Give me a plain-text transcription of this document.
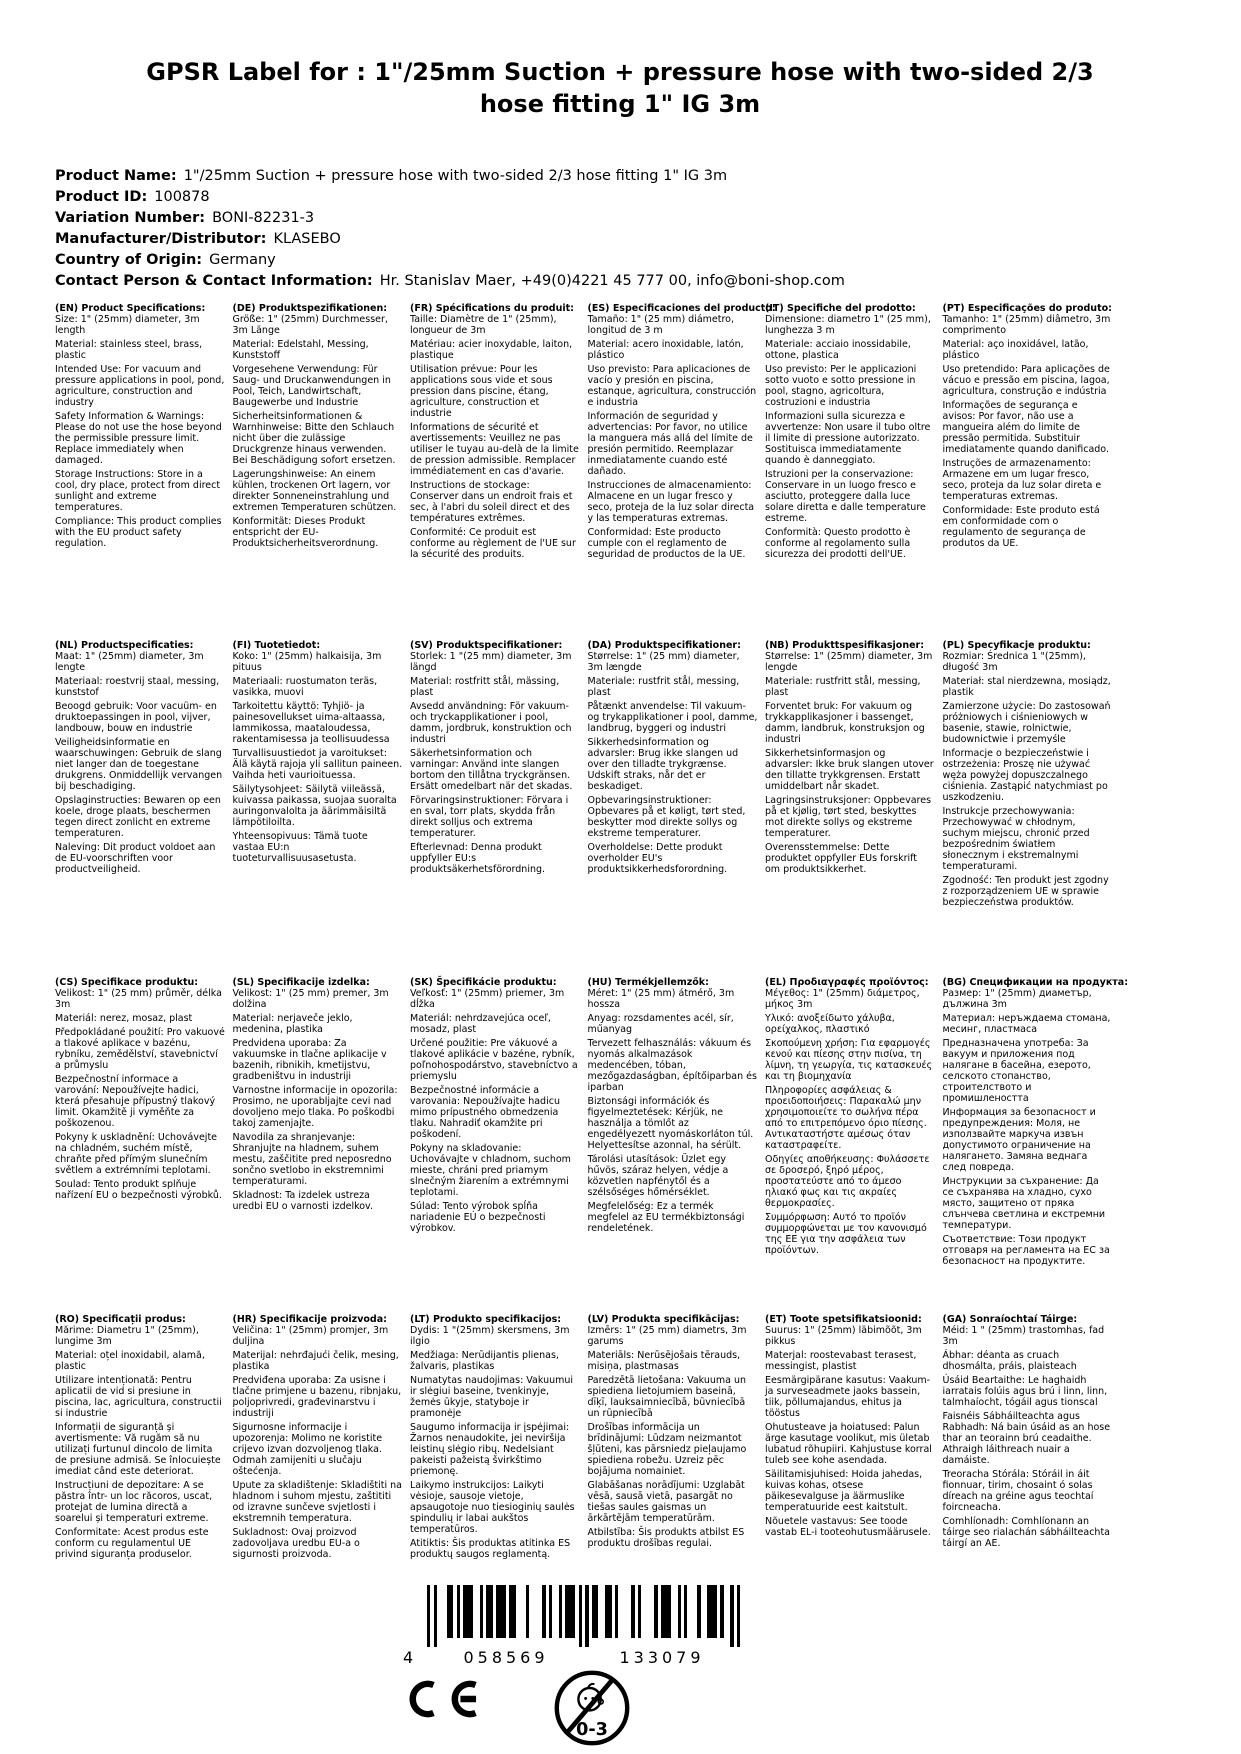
GPSR Label for : 1"/25mm Suction + pressure hose with two-sided 2/3 hose fitting 1" IG 3m
Product Name: 1"/25mm Suction + pressure hose with two-sided 2/3 hose fitting 1" IG 3m
Product ID: 100878
Variation Number: BONI-82231-3
Manufacturer/Distributor: KLASEBO
Country of Origin: Germany
Contact Person & Contact Information: Hr. Stanislav Maer, +49(0)4221 45 777 00, info@boni-shop.com
(EN) Product Specifications:
Size: 1" (25mm) diameter, 3m length
Material: stainless steel, brass, plastic
Intended Use: For vacuum and pressure applications in pool, pond, agriculture, construction and industry
Safety Information & Warnings: Please do not use the hose beyond the permissible pressure limit. Replace immediately when damaged.
Storage Instructions: Store in a cool, dry place, protect from direct sunlight and extreme temperatures.
Compliance: This product complies with the EU product safety regulation.
(DE) Produktspezifikationen:
Größe: 1" (25mm) Durchmesser, 3m Länge
Material: Edelstahl, Messing, Kunststoff
Vorgesehene Verwendung: Für Saug- und Druckanwendungen in Pool, Teich, Landwirtschaft, Baugewerbe und Industrie
Sicherheitsinformationen & Warnhinweise: Bitte den Schlauch nicht über die zulässige Druckgrenze hinaus verwenden. Bei Beschädigung sofort ersetzen.
Lagerungshinweise: An einem kühlen, trockenen Ort lagern, vor direkter Sonneneinstrahlung und extremen Temperaturen schützen.
Konformität: Dieses Produkt entspricht der EU-Produktsicherheitsverordnung.
(FR) Spécifications du produit:
Taille: Diamètre de 1" (25mm), longueur de 3m
Matériau: acier inoxydable, laiton, plastique
Utilisation prévue: Pour les applications sous vide et sous pression dans piscine, étang, agriculture, construction et industrie
Informations de sécurité et avertissements: Veuillez ne pas utiliser le tuyau au-delà de la limite de pression admissible. Remplacer immédiatement en cas d'avarie.
Instructions de stockage: Conserver dans un endroit frais et sec, à l'abri du soleil direct et des températures extrêmes.
Conformité: Ce produit est conforme au règlement de l'UE sur la sécurité des produits.
(ES) Especificaciones del producto:
Tamaño: 1" (25 mm) diámetro, longitud de 3 m
Material: acero inoxidable, latón, plástico
Uso previsto: Para aplicaciones de vacío y presión en piscina, estanque, agricultura, construcción e industria
Información de seguridad y advertencias: Por favor, no utilice la manguera más allá del límite de presión permitido. Reemplazar inmediatamente cuando esté dañado.
Instrucciones de almacenamiento: Almacene en un lugar fresco y seco, proteja de la luz solar directa y las temperaturas extremas.
Conformidad: Este producto cumple con el reglamento de seguridad de productos de la UE.
(IT) Specifiche del prodotto:
Dimensione: diametro 1" (25 mm), lunghezza 3 m
Materiale: acciaio inossidabile, ottone, plastica
Uso previsto: Per le applicazioni sotto vuoto e sotto pressione in pool, stagno, agricoltura, costruzioni e industria
Informazioni sulla sicurezza e avvertenze: Non usare il tubo oltre il limite di pressione autorizzato. Sostituisca immediatamente quando è danneggiato.
Istruzioni per la conservazione: Conservare in un luogo fresco e asciutto, proteggere dalla luce solare diretta e dalle temperature estreme.
Conformità: Questo prodotto è conforme al regolamento sulla sicurezza dei prodotti dell'UE.
(PT) Especificações do produto:
Tamanho: 1" (25mm) diâmetro, 3m comprimento
Material: aço inoxidável, latão, plástico
Uso pretendido: Para aplicações de vácuo e pressão em piscina, lagoa, agricultura, construção e indústria
Informações de segurança e avisos: Por favor, não use a mangueira além do limite de pressão permitida. Substituir imediatamente quando danificado.
Instruções de armazenamento: Armazene em um lugar fresco, seco, proteja da luz solar direta e temperaturas extremas.
Conformidade: Este produto está em conformidade com o regulamento de segurança de produtos da UE.
(NL) Productspecificaties:
Maat: 1" (25mm) diameter, 3m lengte
Materiaal: roestvrij staal, messing, kunststof
Beoogd gebruik: Voor vacuüm- en druktoepassingen in pool, vijver, landbouw, bouw en industrie
Veiligheidsinformatie en waarschuwingen: Gebruik de slang niet langer dan de toegestane drukgrens. Onmiddellijk vervangen bij beschadiging.
Opslaginstructies: Bewaren op een koele, droge plaats, beschermen tegen direct zonlicht en extreme temperaturen.
Naleving: Dit product voldoet aan de EU-voorschriften voor productveiligheid.
(FI) Tuotetiedot:
Koko: 1" (25mm) halkaisija, 3m pituus
Materiaali: ruostumaton teräs, vasikka, muovi
Tarkoitettu käyttö: Tyhjiö- ja painesovellukset uima-altaassa, lammikossa, maataloudessa, rakentamisessa ja teollisuudessa
Turvallisuustiedot ja varoitukset: Älä käytä rajoja yli sallitun paineen. Vaihda heti vaurioituessa.
Säilytysohjeet: Säilytä viileässä, kuivassa paikassa, suojaa suoralta auringonvalolta ja äärimmäisiltä lämpötiloilta.
Yhteensopivuus: Tämä tuote vastaa EU:n tuoteturvallisuusasetusta.
(SV) Produktspecifikationer:
Storlek: 1 "(25 mm) diameter, 3m längd
Material: rostfritt stål, mässing, plast
Avsedd användning: För vakuum- och tryckapplikationer i pool, damm, jordbruk, konstruktion och industri
Säkerhetsinformation och varningar: Använd inte slangen bortom den tillåtna tryckgränsen. Ersätt omedelbart när det skadas.
Förvaringsinstruktioner: Förvara i en sval, torr plats, skydda från direkt solljus och extrema temperaturer.
Efterlevnad: Denna produkt uppfyller EU:s produktsäkerhetsförordning.
(DA) Produktspecifikationer:
Størrelse: 1" (25 mm) diameter, 3m længde
Materiale: rustfrit stål, messing, plast
Påtænkt anvendelse: Til vakuum- og trykapplikationer i pool, damme, landbrug, byggeri og industri
Sikkerhedsinformation og advarsler: Brug ikke slangen ud over den tilladte trykgrænse. Udskift straks, når det er beskadiget.
Opbevaringsinstruktioner: Opbevares på et køligt, tørt sted, beskytter mod direkte sollys og ekstreme temperaturer.
Overholdelse: Dette produkt overholder EU's produktsikkerhedsforordning.
(NB) Produkttspesifikasjoner:
Størrelse: 1" (25mm) diameter, 3m lengde
Materiale: rustfritt stål, messing, plast
Forventet bruk: For vakuum og trykkapplikasjoner i bassenget, damm, landbruk, konstruksjon og industri
Sikkerhetsinformasjon og advarsler: Ikke bruk slangen utover den tillatte trykkgrensen. Erstatt umiddelbart når skadet.
Lagringsinstruksjoner: Oppbevares på et kjølig, tørt sted, beskyttes mot direkte sollys og ekstreme temperaturer.
Overensstemmelse: Dette produktet oppfyller EUs forskrift om produktsikkerhet.
(PL) Specyfikacje produktu:
Rozmiar: Średnica 1 "(25mm), długość 3m
Materiał: stal nierdzewna, mosiądz, plastik
Zamierzone użycie: Do zastosowań próżniowych i ciśnieniowych w basenie, stawie, rolnictwie, budownictwie i przemyśle
Informacje o bezpieczeństwie i ostrzeżenia: Proszę nie używać węża powyżej dopuszczalnego ciśnienia. Zastąpić natychmiast po uszkodzeniu.
Instrukcje przechowywania: Przechowywać w chłodnym, suchym miejscu, chronić przed bezpośrednim światłem słonecznym i ekstremalnymi temperaturami.
Zgodność: Ten produkt jest zgodny z rozporządzeniem UE w sprawie bezpieczeństwa produktów.
(CS) Specifikace produktu:
Velikost: 1" (25 mm) průměr, délka 3m
Materiál: nerez, mosaz, plast
Předpokládané použití: Pro vakuové a tlakové aplikace v bazénu, rybníku, zemědělství, stavebnictví a průmyslu
Bezpečnostní informace a varování: Nepoužívejte hadici, která přesahuje přípustný tlakový limit. Okamžitě ji vyměňte za poškozenou.
Pokyny k uskladnění: Uchovávejte na chladném, suchém místě, chraňte před přímým slunečním světlem a extrémními teplotami.
Soulad: Tento produkt splňuje nařízení EU o bezpečnosti výrobků.
(SL) Specifikacije izdelka:
Velikost: 1" (25 mm) premer, 3m dolžina
Material: nerjaveče jeklo, medenina, plastika
Predvidena uporaba: Za vakuumske in tlačne aplikacije v bazenih, ribnikih, kmetijstvu, gradbeništvu in industriji
Varnostne informacije in opozorila: Prosimo, ne uporabljajte cevi nad dovoljeno mejo tlaka. Po poškodbi takoj zamenjajte.
Navodila za shranjevanje: Shranjujte na hladnem, suhem mestu, zaščitite pred neposredno sončno svetlobo in ekstremnimi temperaturami.
Skladnost: Ta izdelek ustreza uredbi EU o varnosti izdelkov.
(SK) Špecifikácie produktu:
Veľkosť: 1" (25mm) priemer, 3m dĺžka
Materiál: nehrdzavejúca oceľ, mosadz, plast
Určené použitie: Pre vákuové a tlakové aplikácie v bazéne, rybník, poľnohospodárstvo, stavebníctvo a priemyslu
Bezpečnostné informácie a varovania: Nepoužívajte hadicu mimo prípustného obmedzenia tlaku. Nahradiť okamžite pri poškodení.
Pokyny na skladovanie: Uchovávajte v chladnom, suchom mieste, chráni pred priamym slnečným žiarením a extrémnymi teplotami.
Súlad: Tento výrobok spĺňa nariadenie EÚ o bezpečnosti výrobkov.
(HU) Termékjellemzők:
Méret: 1" (25 mm) átmérő, 3m hossza
Anyag: rozsdamentes acél, sír, műanyag
Tervezett felhasználás: vákuum és nyomás alkalmazások medencében, tóban, mezőgazdaságban, építőiparban és iparban
Biztonsági információk és figyelmeztetések: Kérjük, ne használja a tömlőt az engedélyezett nyomáskorláton túl. Helyettesítse azonnal, ha sérült.
Tárolási utasítások: Üzlet egy hűvös, száraz helyen, védje a közvetlen napfénytől és a szélsőséges hőmérséklet.
Megfelelőség: Ez a termék megfelel az EU termékbiztonsági rendeletének.
(EL) Προδιαγραφές προϊόντος:
Μέγεθος: 1" (25mm) διάμετρος, μήκος 3m
Υλικό: ανοξείδωτο χάλυβα, ορείχαλκος, πλαστικό
Σκοπούμενη χρήση: Για εφαρμογές κενού και πίεσης στην πισίνα, τη λίμνη, τη γεωργία, τις κατασκευές και τη βιομηχανία
Πληροφορίες ασφάλειας & προειδοποιήσεις: Παρακαλώ μην χρησιμοποιείτε το σωλήνα πέρα από το επιτρεπόμενο όριο πίεσης. Αντικαταστήστε αμέσως όταν καταστραφείτε.
Οδηγίες αποθήκευσης: Φυλάσσετε σε δροσερό, ξηρό μέρος, προστατεύστε από το άμεσο ηλιακό φως και τις ακραίες θερμοκρασίες.
Συμμόρφωση: Αυτό το προϊόν συμμορφώνεται με τον κανονισμό της ΕΕ για την ασφάλεια των προϊόντων.
(BG) Спецификации на продукта:
Размер: 1" (25mm) диаметър, дължина 3m
Материал: неръждаема стомана, месинг, пластмаса
Предназначена употреба: За вакуум и приложения под налягане в басейна, езерото, селското стопанство, строителството и промишлеността
Информация за безопасност и предупреждения: Моля, не използвайте маркуча извън допустимото ограничение на налягането. Замяна веднага след повреда.
Инструкции за съхранение: Да се съхранява на хладно, сухо място, защитено от пряка слънчева светлина и екстремни температури.
Съответствие: Този продукт отговаря на регламента на ЕС за безопасност на продуктите.
(RO) Specificații produs:
Mărime: Diametru 1" (25mm), lungime 3m
Material: oțel inoxidabil, alamă, plastic
Utilizare intenționată: Pentru aplicatii de vid si presiune in piscina, lac, agricultura, constructii si industrie
Informații de siguranță și avertismente: Vă rugăm să nu utilizați furtunul dincolo de limita de presiune admisă. Se înlocuiește imediat când este deteriorat.
Instrucțiuni de depozitare: A se păstra într- un loc răcoros, uscat, protejat de lumina directă a soarelui și temperaturi extreme.
Conformitate: Acest produs este conform cu regulamentul UE privind siguranța produselor.
(HR) Specifikacije proizvoda:
Veličina: 1" (25mm) promjer, 3m duljina
Materijal: nehrđajući čelik, mesing, plastika
Predviđena uporaba: Za usisne i tlačne primjene u bazenu, ribnjaku, poljoprivredi, građevinarstvu i industriji
Sigurnosne informacije i upozorenja: Molimo ne koristite crijevo izvan dozvoljenog tlaka. Odmah zamijeniti u slučaju oštećenja.
Upute za skladištenje: Skladištiti na hladnom i suhom mjestu, zaštititi od izravne sunčeve svjetlosti i ekstremnih temperatura.
Sukladnost: Ovaj proizvod zadovoljava uredbu EU-a o sigurnosti proizvoda.
(LT) Produkto specifikacijos:
Dydis: 1 "(25mm) skersmens, 3m ilgio
Medžiaga: Nerūdijantis plienas, žalvaris, plastikas
Numatytas naudojimas: Vakuumui ir slėgiui baseine, tvenkinyje, žemės ūkyje, statyboje ir pramonėje
Saugumo informacija ir įspėjimai: Žarnos nenaudokite, jei neviršija leistinų slėgio ribų. Nedelsiant pakeisti pažeistą švirkštimo priemonę.
Laikymo instrukcijos: Laikyti vėsioje, sausoje vietoje, apsaugotoje nuo tiesioginių saulės spindulių ir labai aukštos temperatūros.
Atitiktis: Šis produktas atitinka ES produktų saugos reglamentą.
(LV) Produkta specifikācijas:
Izmērs: 1" (25 mm) diametrs, 3m garums
Materiāls: Nerūsējošais tērauds, misiņa, plastmasas
Paredzētā lietošana: Vakuuma un spiediena lietojumiem baseinā, dīķī, lauksaimniecībā, būvniecībā un rūpniecībā
Drošības informācija un brīdinājumi: Lūdzam neizmantot šļūteni, kas pārsniedz pieļaujamo spiediena robežu. Uzreiz pēc bojājuma nomainiet.
Glabāšanas norādījumi: Uzglabāt vēsā, sausā vietā, pasargāt no tiešas saules gaismas un ārkārtējām temperatūrām.
Atbilstība: Šis produkts atbilst ES produktu drošības regulai.
(ET) Toote spetsifikatsioonid:
Suurus: 1" (25mm) läbimõõt, 3m pikkus
Materjal: roostevabast terasest, messingist, plastist
Eesmärgipärane kasutus: Vaakum- ja surveseadmete jaoks bassein, tiik, põllumajandus, ehitus ja tööstus
Ohutusteave ja hoiatused: Palun ärge kasutage voolikut, mis ületab lubatud rõhupiiri. Kahjustuse korral tuleb see kohe asendada.
Säilitamisjuhised: Hoida jahedas, kuivas kohas, otsese päikesevalguse ja äärmuslike temperatuuride eest kaitstult.
Nõuetele vastavus: See toode vastab EL-i tooteohutusmäärusele.
(GA) Sonraíochtaí Táirge:
Méid: 1 " (25mm) trastomhas, fad 3m
Ábhar: déanta as cruach dhosmálta, práis, plaisteach
Úsáid Beartaithe: Le haghaidh iarratais folúis agus brú i linn, linn, talmhaíocht, tógáil agus tionscal
Faisnéis Sábháilteachta agus Rabhadh: Ná bain úsáid as an hose thar an teorainn brú ceadaithe. Athraigh láithreach nuair a damáiste.
Treoracha Stórála: Stóráil in áit fionnuar, tirim, chosaint ó solas díreach na gréine agus teochtaí foircneacha.
Comhlíonadh: Comhlíonann an táirge seo rialachán sábháilteachta táirgí an AE.
4	058569	133079
0-3
